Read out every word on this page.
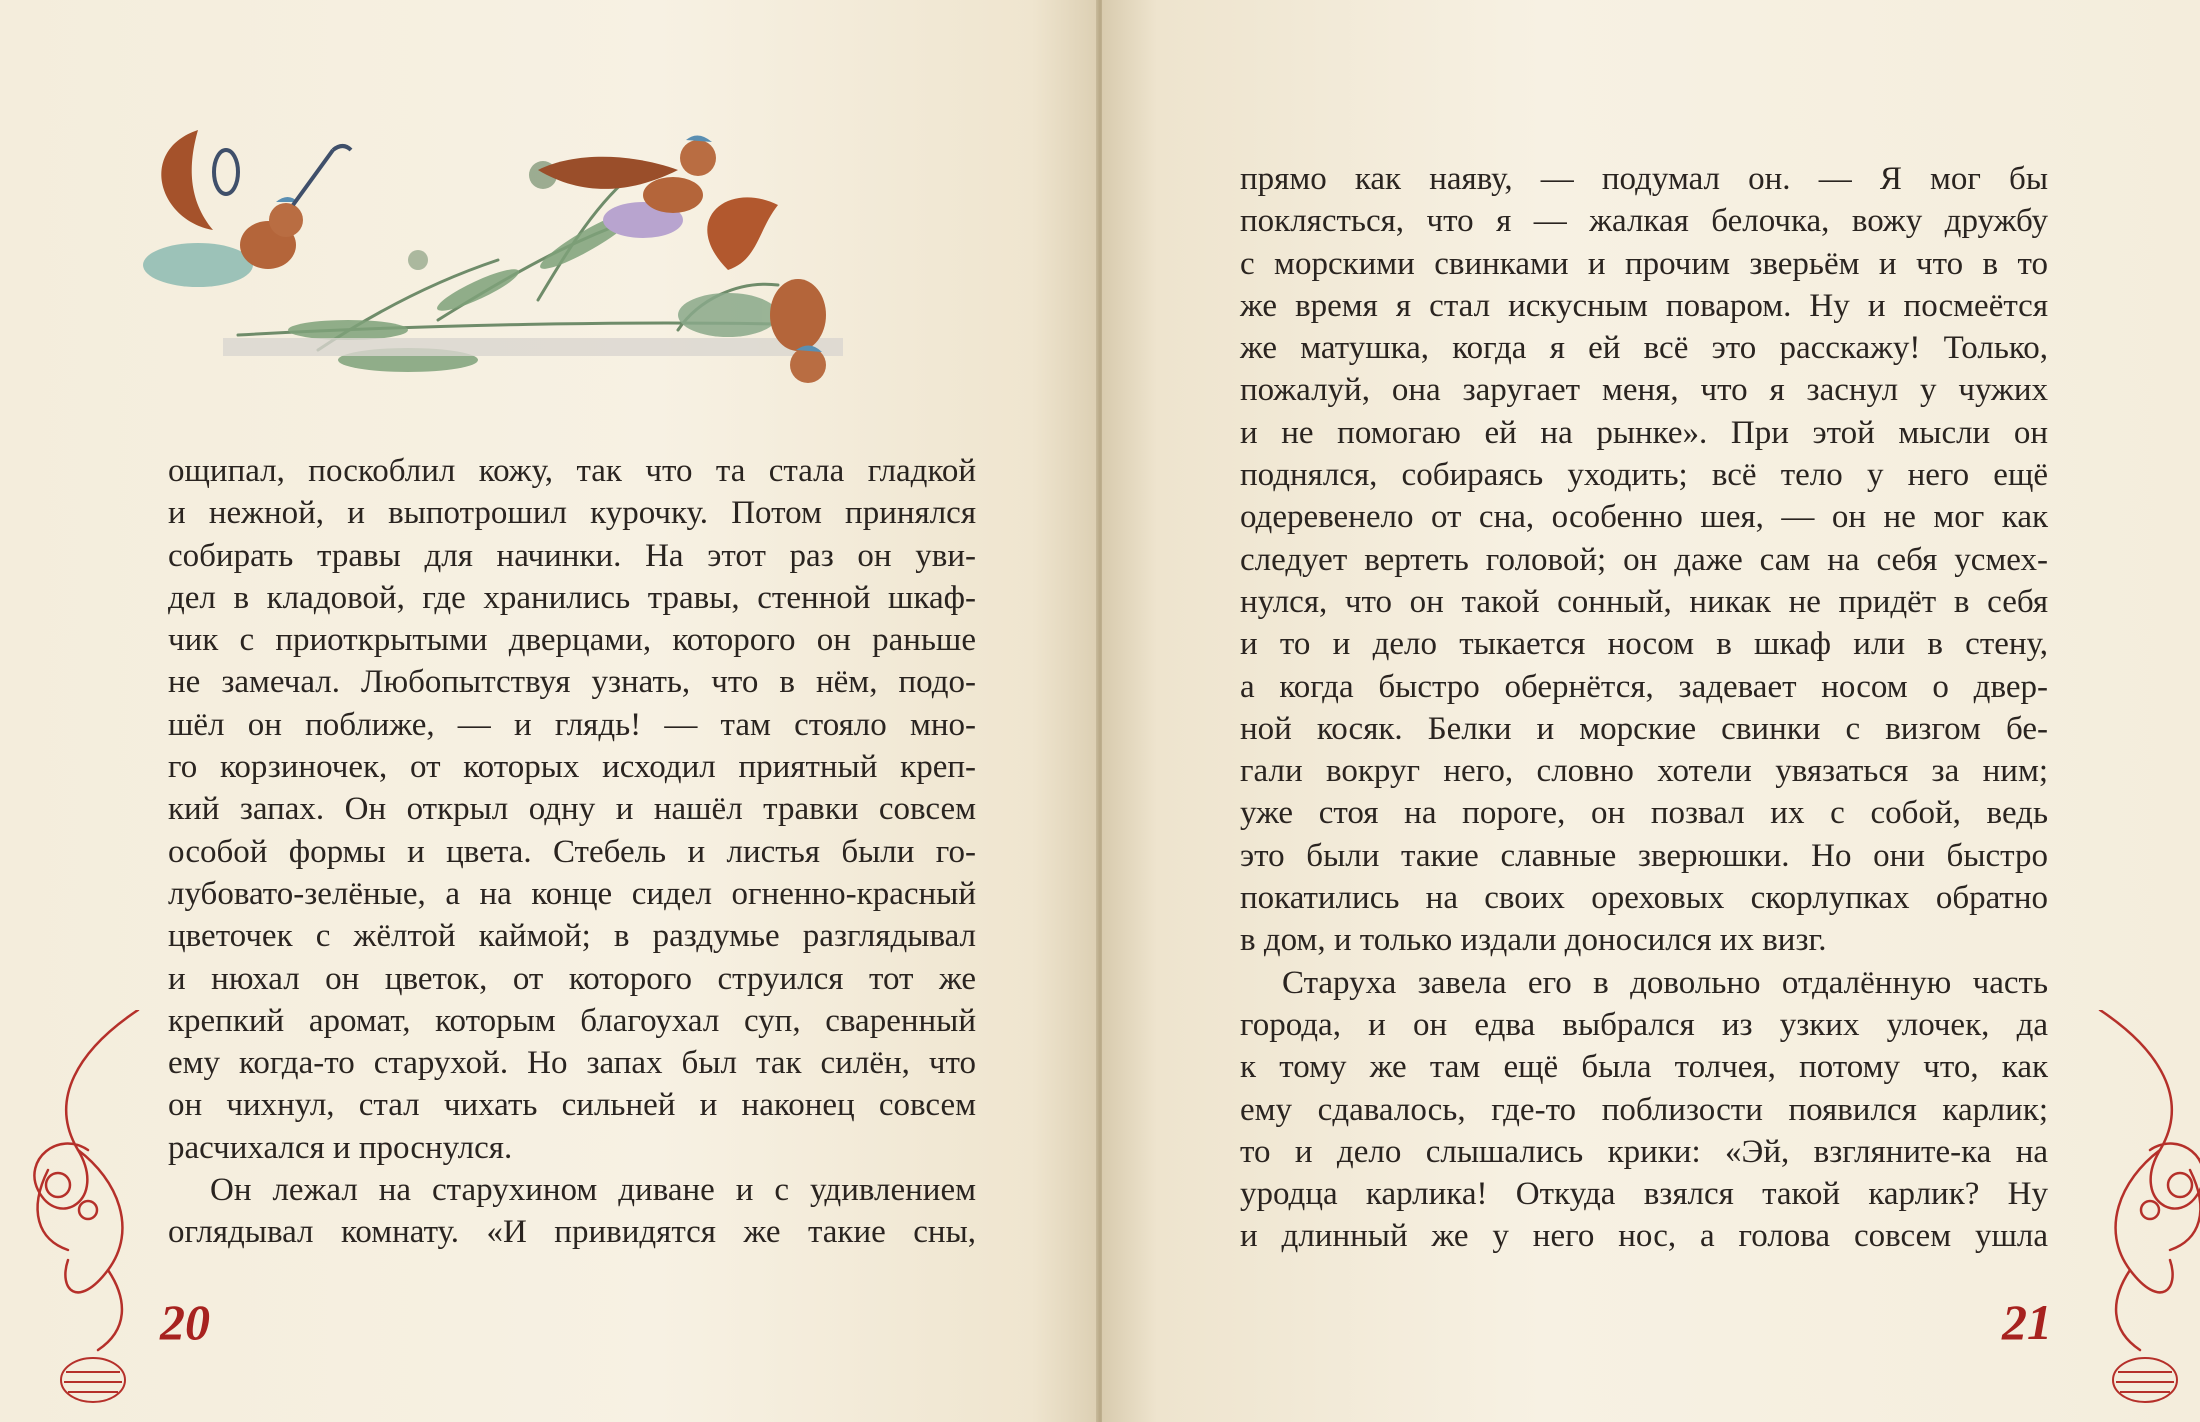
ощипал, поскоблил кожу, так что та стала гладкой
и нежной, и выпотрошил курочку. Потом принялся
собирать травы для начинки. На этот раз он уви-
дел в кладовой, где хранились травы, стенной шкаф-
чик с приоткрытыми дверцами, которого он раньше
не замечал. Любопытствуя узнать, что в нём, подо-
шёл он поближе, — и глядь! — там стояло мно-
го корзиночек, от которых исходил приятный креп-
кий запах. Он открыл одну и нашёл травки совсем
особой формы и цвета. Стебель и листья были го-
лубовато-зелёные, а на конце сидел огненно-красный
цветочек с жёлтой каймой; в раздумье разглядывал
и нюхал он цветок, от которого струился тот же
крепкий аромат, которым благоухал суп, сваренный
ему когда-то старухой. Но запах был так силён, что
он чихнул, стал чихать сильней и наконец совсем
расчихался и проснулся.
Он лежал на старухином диване и с удивлением
оглядывал комнату. «И привидятся же такие сны,
20
прямо как наяву, — подумал он. — Я мог бы
поклясться, что я — жалкая белочка, вожу дружбу
с морскими свинками и прочим зверьём и что в то
же время я стал искусным поваром. Ну и посмеётся
же матушка, когда я ей всё это расскажу! Только,
пожалуй, она заругает меня, что я заснул у чужих
и не помогаю ей на рынке». При этой мысли он
поднялся, собираясь уходить; всё тело у него ещё
одеревенело от сна, особенно шея, — он не мог как
следует вертеть головой; он даже сам на себя усмех-
нулся, что он такой сонный, никак не придёт в себя
и то и дело тыкается носом в шкаф или в стену,
а когда быстро обернётся, задевает носом о двер-
ной косяк. Белки и морские свинки с визгом бе-
гали вокруг него, словно хотели увязаться за ним;
уже стоя на пороге, он позвал их с собой, ведь
это были такие славные зверюшки. Но они быстро
покатились на своих ореховых скорлупках обратно
в дом, и только издали доносился их визг.
Старуха завела его в довольно отдалённую часть
города, и он едва выбрался из узких улочек, да
к тому же там ещё была толчея, потому что, как
ему сдавалось, где-то поблизости появился карлик;
то и дело слышались крики: «Эй, взгляните-ка на
уродца карлика! Откуда взялся такой карлик? Ну
и длинный же у него нос, а голова совсем ушла
21
